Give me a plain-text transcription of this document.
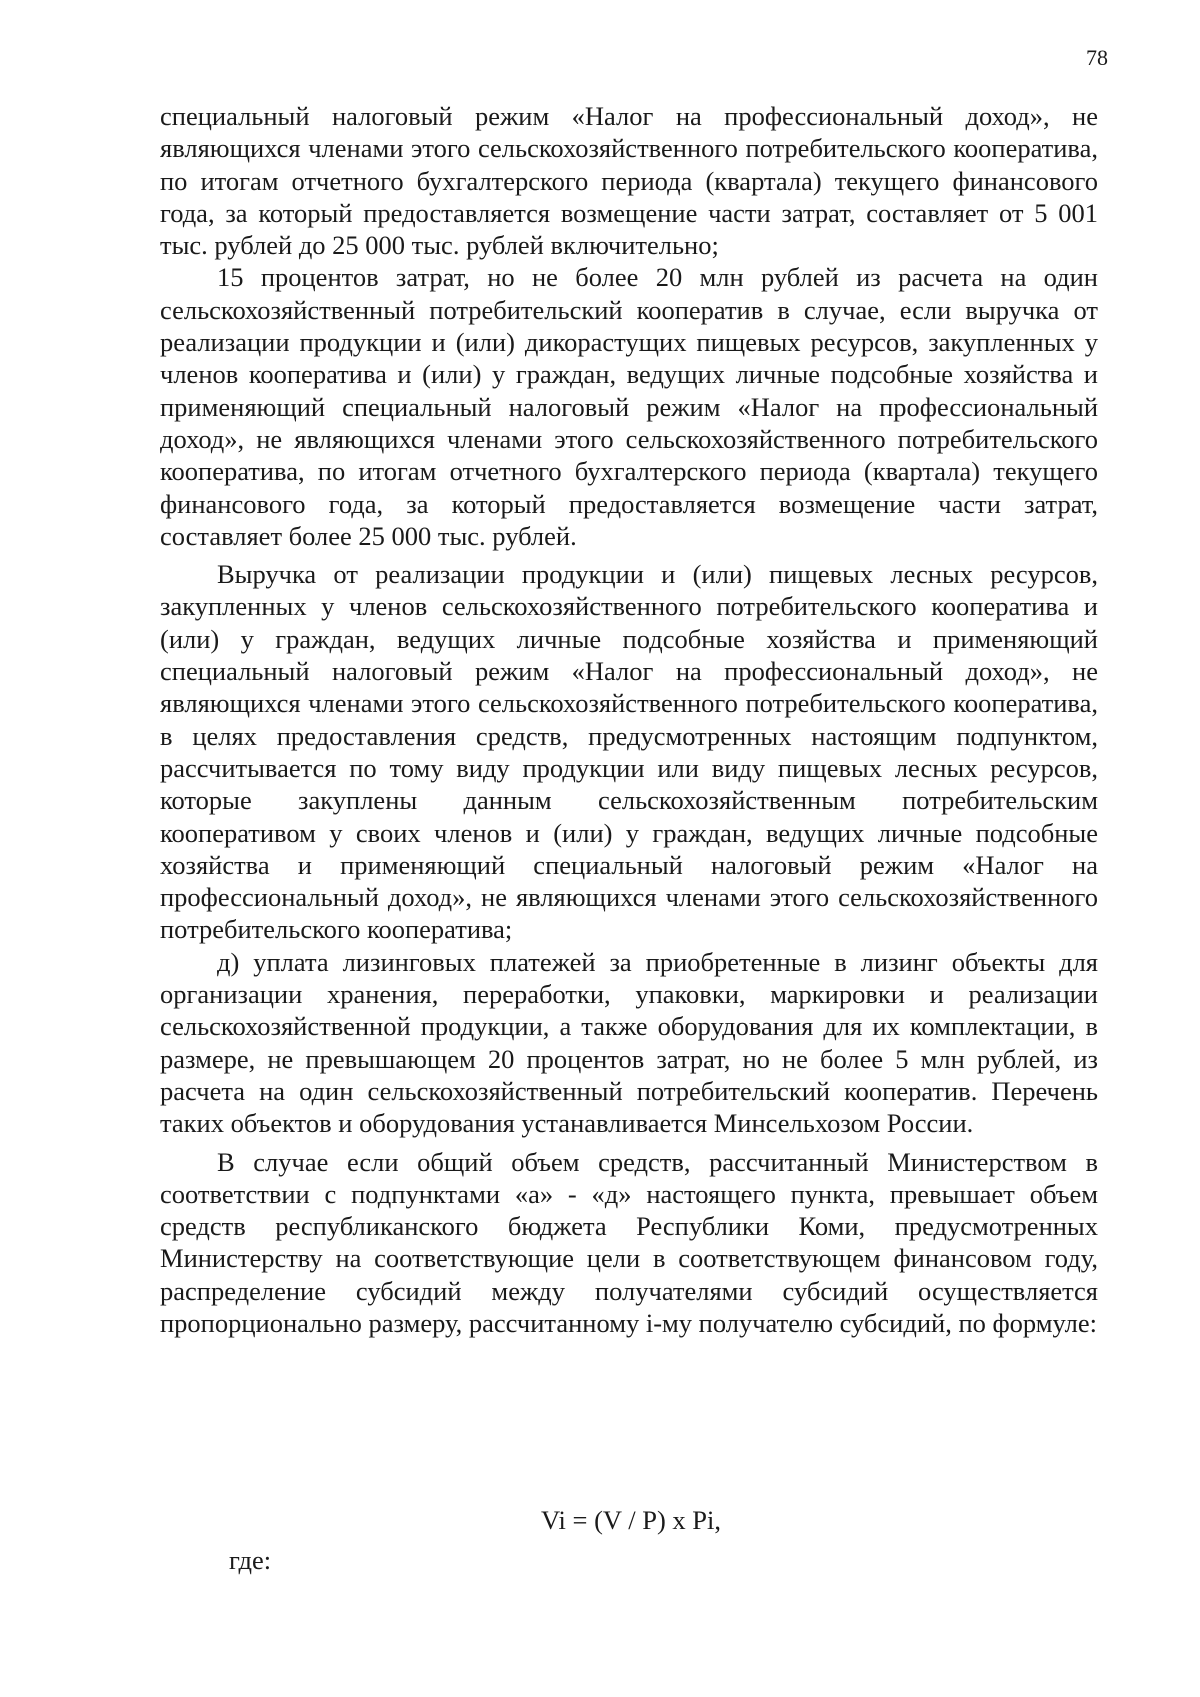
78

специальный налоговый режим «Налог на профессиональный доход», не являющихся членами этого сельскохозяйственного потребительского кооператива, по итогам отчетного бухгалтерского периода (квартала) текущего финансового года, за который предоставляется возмещение части затрат, составляет от 5 001 тыс. рублей до 25 000 тыс. рублей включительно;

15 процентов затрат, но не более 20 млн рублей из расчета на один сельскохозяйственный потребительский кооператив в случае, если выручка от реализации продукции и (или) дикорастущих пищевых ресурсов, закупленных у членов кооператива и (или) у граждан, ведущих личные подсобные хозяйства и применяющий специальный налоговый режим «Налог на профессиональный доход», не являющихся членами этого сельскохозяйственного потребительского кооператива, по итогам отчетного бухгалтерского периода (квартала) текущего финансового года, за который предоставляется возмещение части затрат, составляет более 25 000 тыс. рублей.

Выручка от реализации продукции и (или) пищевых лесных ресурсов, закупленных у членов сельскохозяйственного потребительского кооператива и (или) у граждан, ведущих личные подсобные хозяйства и применяющий специальный налоговый режим «Налог на профессиональный доход», не являющихся членами этого сельскохозяйственного потребительского кооператива, в целях предоставления средств, предусмотренных настоящим подпунктом, рассчитывается по тому виду продукции или виду пищевых лесных ресурсов, которые закуплены данным сельскохозяйственным потребительским кооперативом у своих членов и (или) у граждан, ведущих личные подсобные хозяйства и применяющий специальный налоговый режим «Налог на профессиональный доход», не являющихся членами этого сельскохозяйственного потребительского кооператива;

д) уплата лизинговых платежей за приобретенные в лизинг объекты для организации хранения, переработки, упаковки, маркировки и реализации сельскохозяйственной продукции, а также оборудования для их комплектации, в размере, не превышающем 20 процентов затрат, но не более 5 млн рублей, из расчета на один сельскохозяйственный потребительский кооператив. Перечень таких объектов и оборудования устанавливается Минсельхозом России.

В случае если общий объем средств, рассчитанный Министерством в соответствии с подпунктами «а» - «д» настоящего пункта, превышает объем средств республиканского бюджета Республики Коми, предусмотренных Министерству на соответствующие цели в соответствующем финансовом году, распределение субсидий между получателями субсидий осуществляется пропорционально размеру, рассчитанному i-му получателю субсидий, по формуле:

Vi = (V / P) x Pi,
где:
